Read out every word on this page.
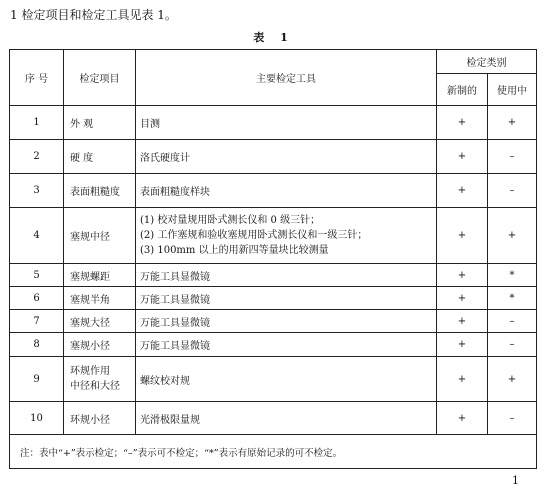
1 检定项目和检定工具见表 1。
表 1
序 号	检定项目	主要检定工具	检定类别	
			新制的	使用中
1	外 观	目测	+	+
2	硬 度	洛氏硬度计	+	–
3	表面粗糙度	表面粗糙度样块	+	–
4	塞规中径	(1) 校对量规用卧式测长仪和 0 级三针；
(2) 工作塞规和验收塞规用卧式测长仪和一级三针；
(3) 100mm 以上的用新四等量块比较测量	+	+
5	塞规螺距	万能工具显微镜	+	*
6	塞规半角	万能工具显微镜	+	*
7	塞规大径	万能工具显微镜	+	–
8	塞规小径	万能工具显微镜	+	–
9	环规作用
中径和大径	螺纹校对规	+	+
10	环规小径	光滑极限量规	+	–
注：表中“+”表示检定；“–”表示可不检定；“*”表示有原始记录的可不检定。				
1
